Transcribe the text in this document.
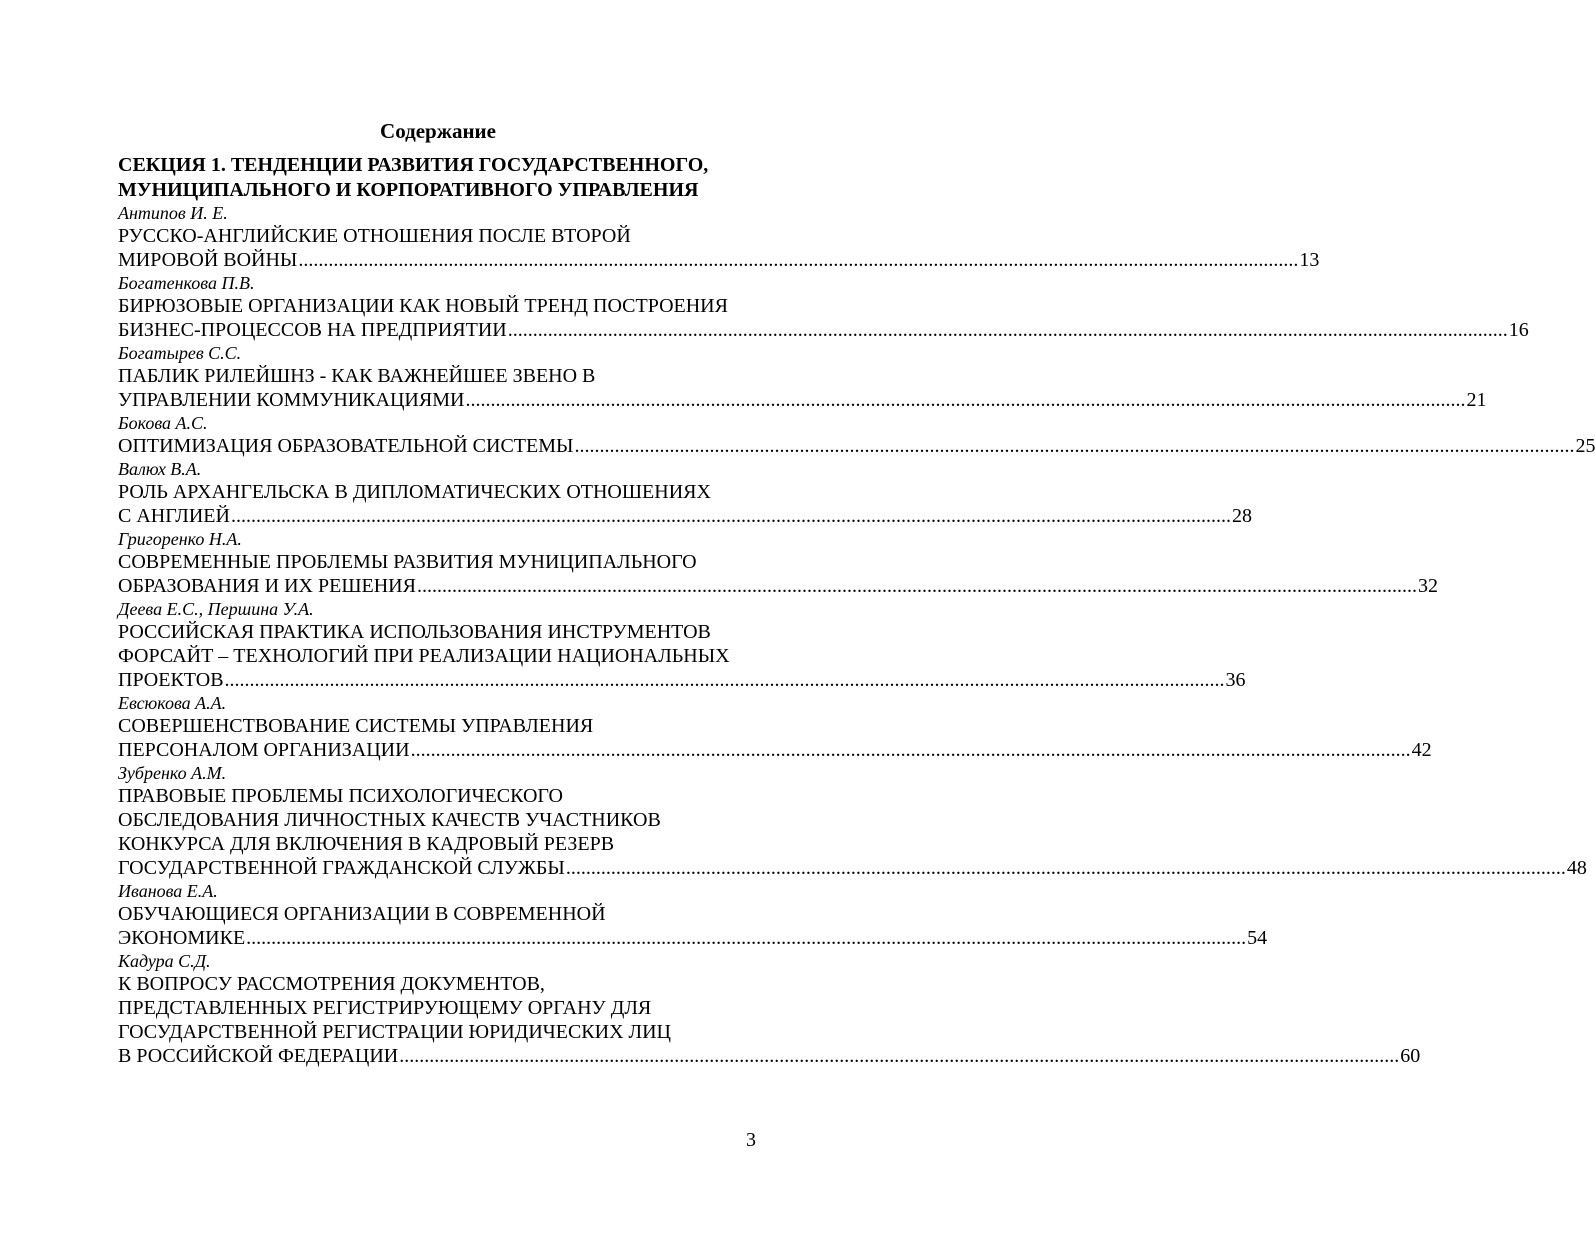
Содержание
СЕКЦИЯ 1. ТЕНДЕНЦИИ РАЗВИТИЯ ГОСУДАРСТВЕННОГО,
МУНИЦИПАЛЬНОГО И КОРПОРАТИВНОГО УПРАВЛЕНИЯ
Антипов И. Е.
РУССКО-АНГЛИЙСКИЕ ОТНОШЕНИЯ ПОСЛЕ ВТОРОЙ
МИРОВОЙ ВОЙНЫ ........................................................................................................................................................................................................ 13
Богатенкова П.В.
БИРЮЗОВЫЕ ОРГАНИЗАЦИИ КАК НОВЫЙ ТРЕНД ПОСТРОЕНИЯ
БИЗНЕС-ПРОЦЕССОВ НА ПРЕДПРИЯТИИ ........................................................................................................................................................................................................ 16
Богатырев С.С.
ПАБЛИК РИЛЕЙШНЗ - КАК ВАЖНЕЙШЕЕ ЗВЕНО В
УПРАВЛЕНИИ КОММУНИКАЦИЯМИ ........................................................................................................................................................................................................ 21
Бокова А.С.
ОПТИМИЗАЦИЯ ОБРАЗОВАТЕЛЬНОЙ СИСТЕМЫ ........................................................................................................................................................................................................ 25
Валюх В.А.
РОЛЬ АРХАНГЕЛЬСКА В ДИПЛОМАТИЧЕСКИХ ОТНОШЕНИЯХ
С АНГЛИЕЙ ........................................................................................................................................................................................................ 28
Григоренко Н.А.
СОВРЕМЕННЫЕ ПРОБЛЕМЫ РАЗВИТИЯ МУНИЦИПАЛЬНОГО
ОБРАЗОВАНИЯ И ИХ РЕШЕНИЯ ........................................................................................................................................................................................................ 32
Деева Е.С., Першина У.А.
РОССИЙСКАЯ ПРАКТИКА ИСПОЛЬЗОВАНИЯ ИНСТРУМЕНТОВ
ФОРСАЙТ – ТЕХНОЛОГИЙ ПРИ РЕАЛИЗАЦИИ НАЦИОНАЛЬНЫХ
ПРОЕКТОВ ........................................................................................................................................................................................................ 36
Евсюкова А.А.
СОВЕРШЕНСТВОВАНИЕ СИСТЕМЫ УПРАВЛЕНИЯ
ПЕРСОНАЛОМ ОРГАНИЗАЦИИ ........................................................................................................................................................................................................ 42
Зубренко А.М.
ПРАВОВЫЕ ПРОБЛЕМЫ ПСИХОЛОГИЧЕСКОГО
ОБСЛЕДОВАНИЯ ЛИЧНОСТНЫХ КАЧЕСТВ УЧАСТНИКОВ
КОНКУРСА ДЛЯ ВКЛЮЧЕНИЯ В КАДРОВЫЙ РЕЗЕРВ
ГОСУДАРСТВЕННОЙ ГРАЖДАНСКОЙ СЛУЖБЫ ........................................................................................................................................................................................................ 48
Иванова Е.А.
ОБУЧАЮЩИЕСЯ ОРГАНИЗАЦИИ В СОВРЕМЕННОЙ
ЭКОНОМИКЕ ........................................................................................................................................................................................................ 54
Кадура С.Д.
К ВОПРОСУ РАССМОТРЕНИЯ ДОКУМЕНТОВ,
ПРЕДСТАВЛЕННЫХ РЕГИСТРИРУЮЩЕМУ ОРГАНУ ДЛЯ
ГОСУДАРСТВЕННОЙ РЕГИСТРАЦИИ ЮРИДИЧЕСКИХ ЛИЦ
В РОССИЙСКОЙ ФЕДЕРАЦИИ ........................................................................................................................................................................................................ 60
3
